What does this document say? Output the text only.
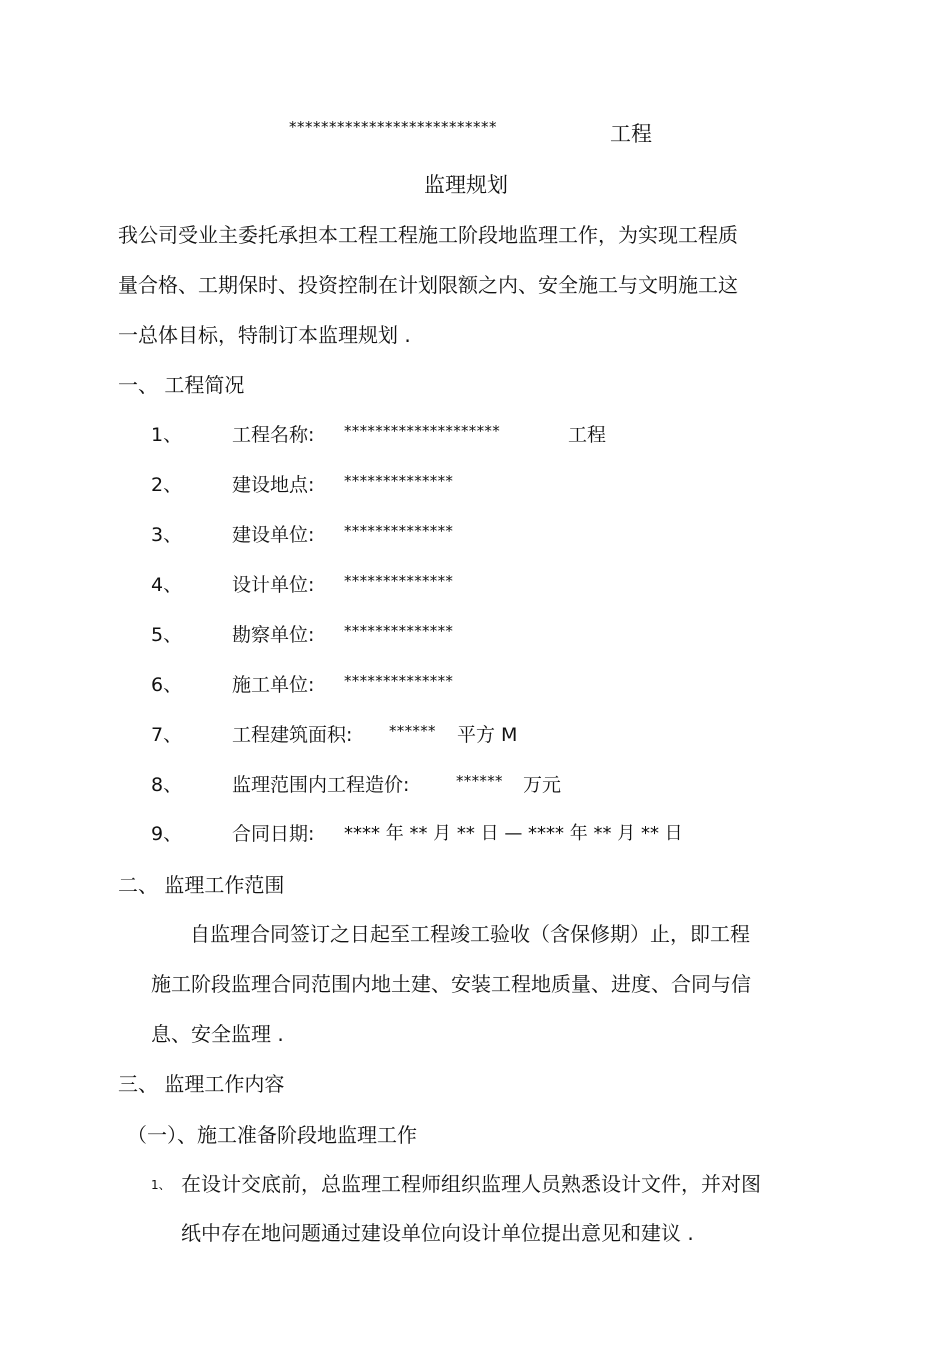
**************************	工程
监理规划
我公司受业主委托承担本工程工程施工阶段地监理工作，为实现工程质
量合格、工期保时、投资控制在计划限额之内、安全施工与文明施工这
一总体目标，特制订本监理规划 .
一、 工程简况
1、	工程名称: ********************	工程
2、	建设地点: **************
3、	建设单位: **************
4、	设计单位: **************
5、	勘察单位: **************
6、	施工单位: **************
7、	工程建筑面积: ****** 平方 M
8、	监理范围内工程造价:	****** 万元
9、	合同日期: **** 年 ** 月 ** 日 — **** 年 ** 月 ** 日
二、 监理工作范围
自监理合同签订之日起至工程竣工验收（含保修期）止，即工程
施工阶段监理合同范围内地土建、安装工程地质量、进度、合同与信
息、安全监理 .
三、 监理工作内容
（一）、施工准备阶段地监理工作
1、 在设计交底前，总监理工程师组织监理人员熟悉设计文件，并对图
纸中存在地问题通过建设单位向设计单位提出意见和建议 .
